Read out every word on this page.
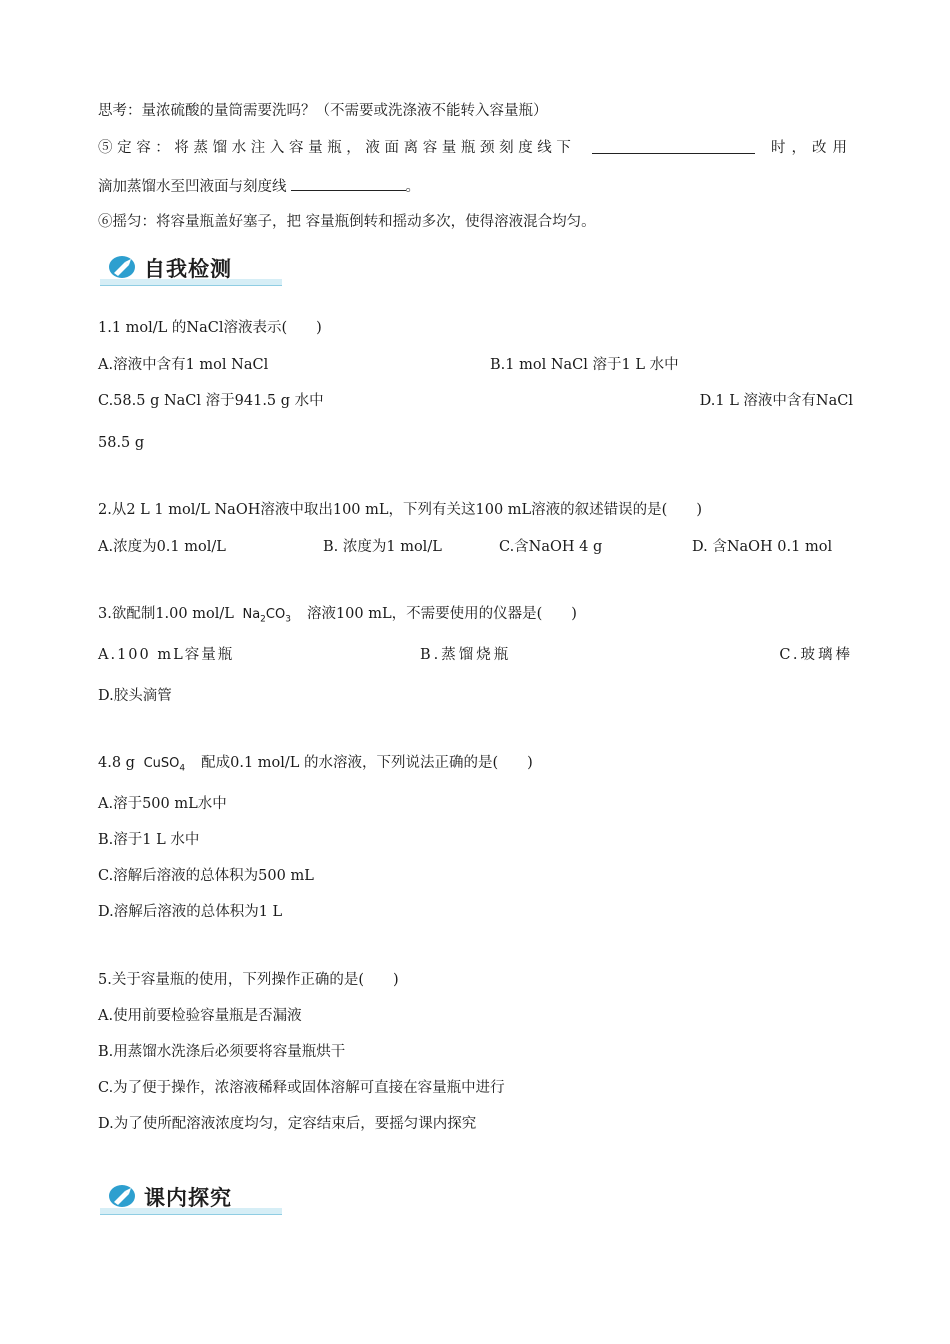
思考：量浓硫酸的量筒需要洗吗？（不需要或洗涤液不能转入容量瓶）
⑤定容：将蒸馏水注入容量瓶，液面离容量瓶颈刻度线下	时，改用
滴加蒸馏水至凹液面与刻度线	。
⑥摇匀：将容量瓶盖好塞子，把 容量瓶倒转和摇动多次，使得溶液混合均匀。
自我检测
1.1 mol/L 的NaCl溶液表示(　　)
A.溶液中含有1 mol NaCl	B.1 mol NaCl 溶于1 L 水中
C.58.5 g NaCl 溶于941.5 g 水中	D.1 L 溶液中含有NaCl
58.5 g
2.从2 L 1 mol/L NaOH溶液中取出100 mL，下列有关这100 mL溶液的叙述错误的是(　　)
A.浓度为0.1 mol/L	B. 浓度为1 mol/L	C.含NaOH 4 g	D. 含NaOH 0.1 mol
3.欲配制1.00 mol/L $Na_2CO_3$ 溶液100 mL，不需要使用的仪器是(　　)
A.100 mL容量瓶	B.蒸馏烧瓶	C.玻璃棒
D.胶头滴管
4.8 g CuSO$_4$ 配成0.1 mol/L 的水溶液，下列说法正确的是(　　)
A.溶于500 mL水中
B.溶于1 L 水中
C.溶解后溶液的总体积为500 mL
D.溶解后溶液的总体积为1 L
5.关于容量瓶的使用，下列操作正确的是(　　)
A.使用前要检验容量瓶是否漏液
B.用蒸馏水洗涤后必须要将容量瓶烘干
C.为了便于操作，浓溶液稀释或固体溶解可直接在容量瓶中进行
D.为了使所配溶液浓度均匀，定容结束后，要摇匀课内探究
课内探究
